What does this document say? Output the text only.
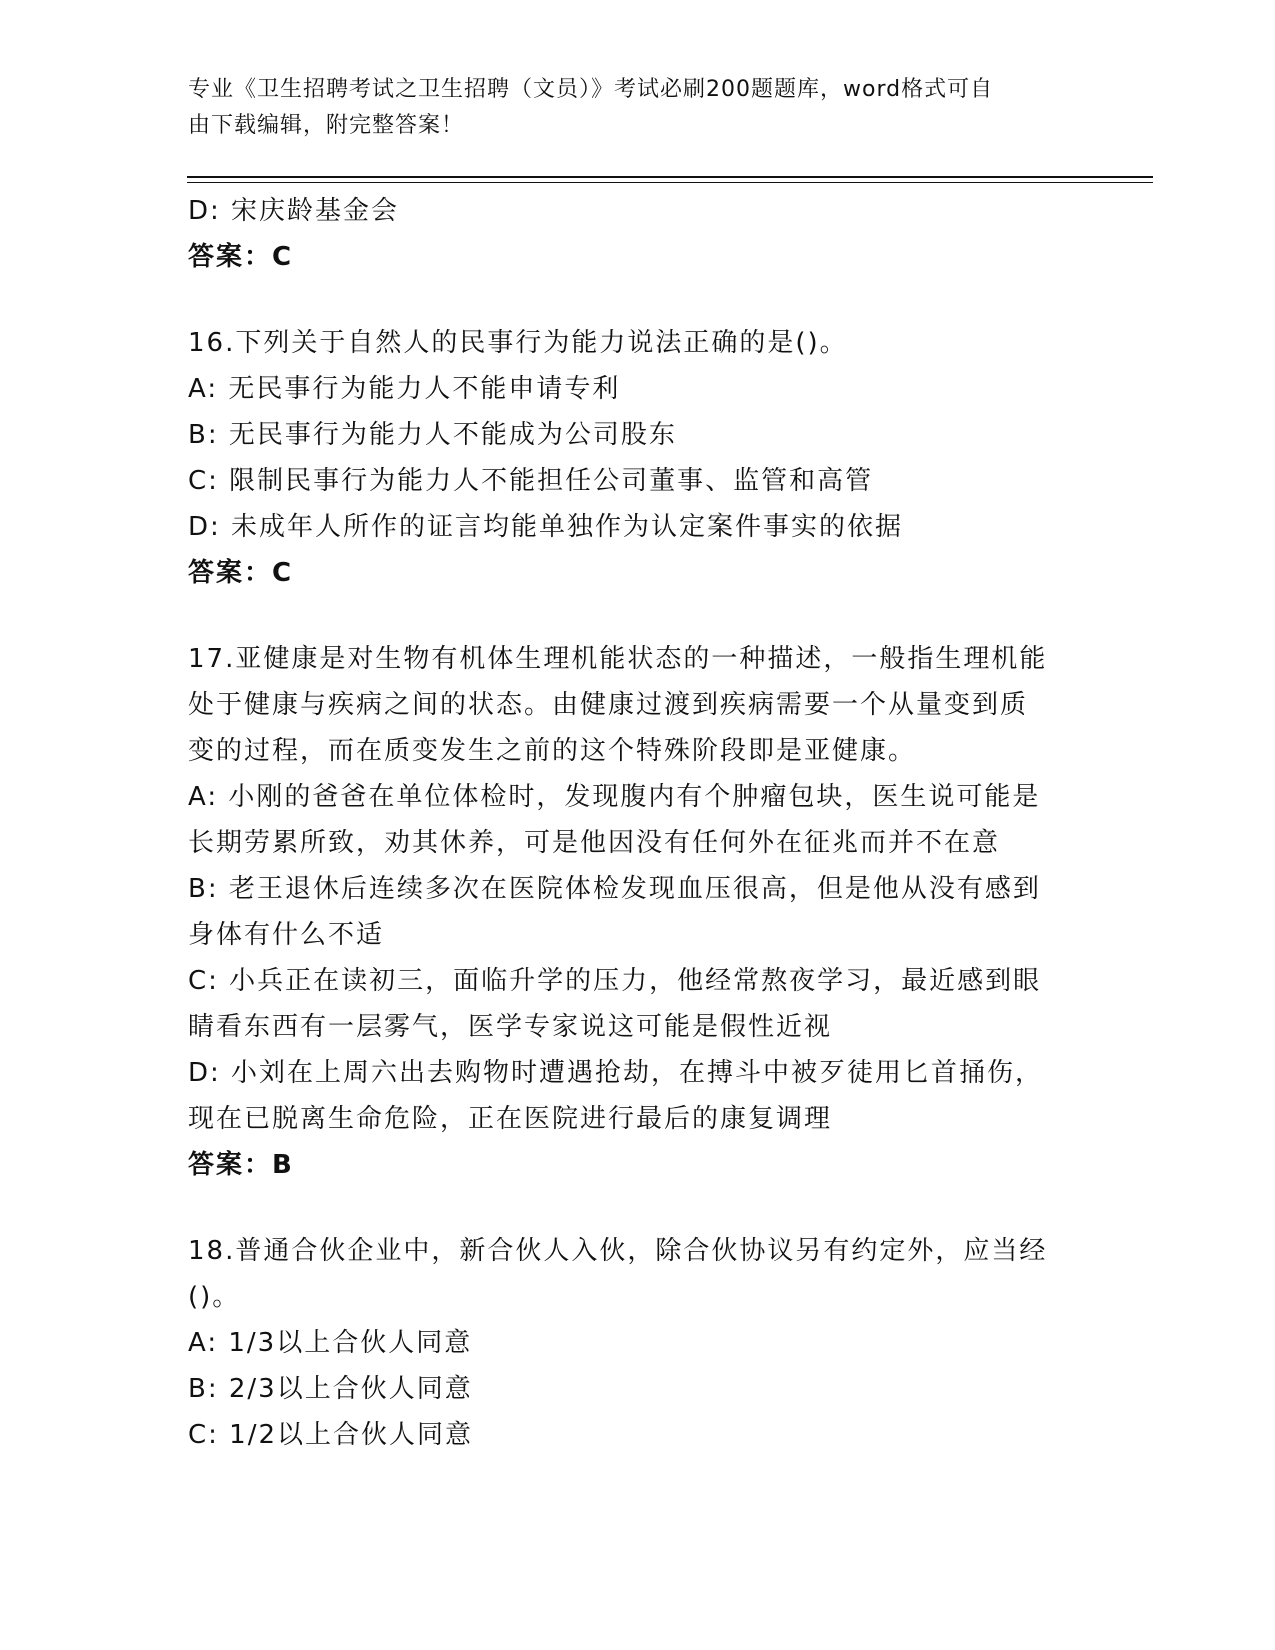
专业《卫生招聘考试之卫生招聘（文员）》考试必刷200题题库，word格式可自
由下载编辑，附完整答案！
D: 宋庆龄基金会
答案：C
16.下列关于自然人的民事行为能力说法正确的是()。
A: 无民事行为能力人不能申请专利
B: 无民事行为能力人不能成为公司股东
C: 限制民事行为能力人不能担任公司董事、监管和高管
D: 未成年人所作的证言均能单独作为认定案件事实的依据
答案：C
17.亚健康是对生物有机体生理机能状态的一种描述，一般指生理机能
处于健康与疾病之间的状态。由健康过渡到疾病需要一个从量变到质
变的过程，而在质变发生之前的这个特殊阶段即是亚健康。
A: 小刚的爸爸在单位体检时，发现腹内有个肿瘤包块，医生说可能是
长期劳累所致，劝其休养，可是他因没有任何外在征兆而并不在意
B: 老王退休后连续多次在医院体检发现血压很高，但是他从没有感到
身体有什么不适
C: 小兵正在读初三，面临升学的压力，他经常熬夜学习，最近感到眼
睛看东西有一层雾气，医学专家说这可能是假性近视
D: 小刘在上周六出去购物时遭遇抢劫，在搏斗中被歹徒用匕首捅伤，
现在已脱离生命危险，正在医院进行最后的康复调理
答案：B
18.普通合伙企业中，新合伙人入伙，除合伙协议另有约定外，应当经
()。
A: 1/3以上合伙人同意
B: 2/3以上合伙人同意
C: 1/2以上合伙人同意
